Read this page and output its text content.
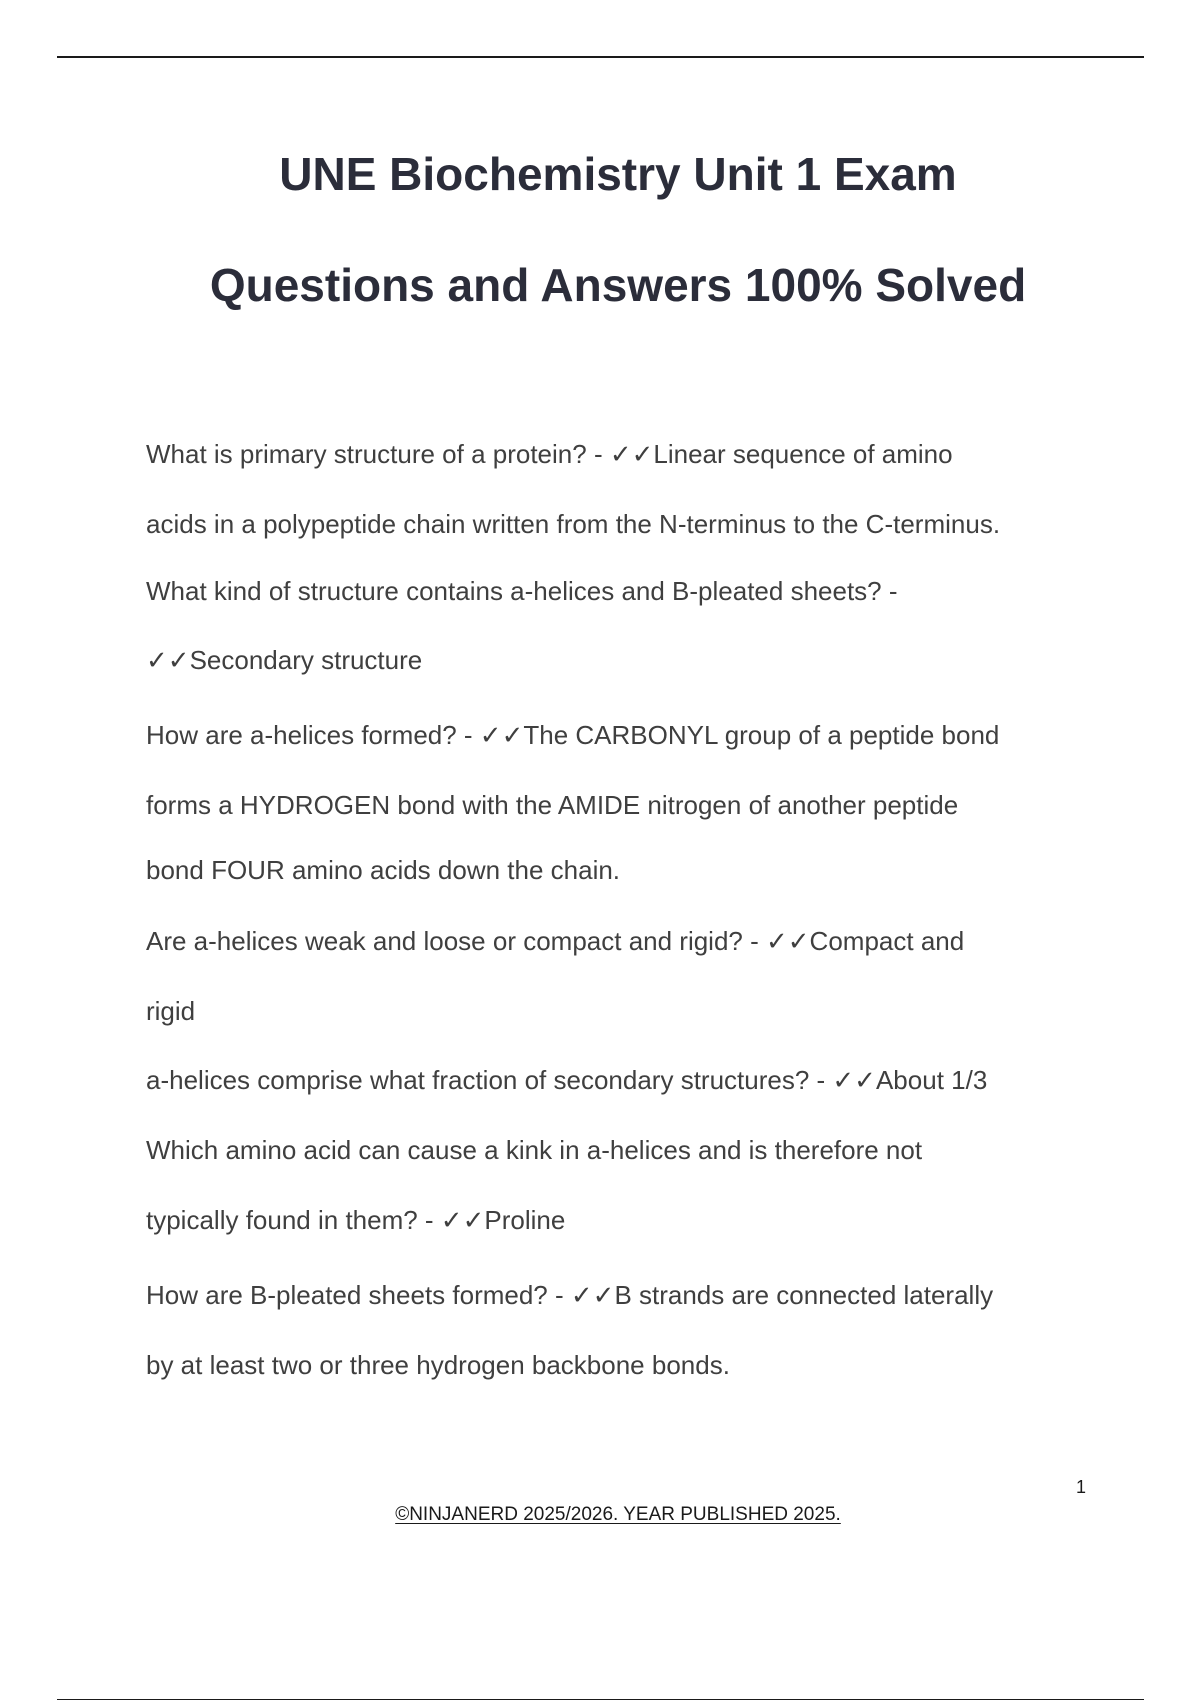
UNE Biochemistry Unit 1 Exam
Questions and Answers 100% Solved
What is primary structure of a protein? - ✓✓Linear sequence of amino
acids in a polypeptide chain written from the N-terminus to the C-terminus.
What kind of structure contains a-helices and B-pleated sheets? -
✓✓Secondary structure
How are a-helices formed? - ✓✓The CARBONYL group of a peptide bond
forms a HYDROGEN bond with the AMIDE nitrogen of another peptide
bond FOUR amino acids down the chain.
Are a-helices weak and loose or compact and rigid? - ✓✓Compact and
rigid
a-helices comprise what fraction of secondary structures? - ✓✓About 1/3
Which amino acid can cause a kink in a-helices and is therefore not
typically found in them? - ✓✓Proline
How are B-pleated sheets formed? - ✓✓B strands are connected laterally
by at least two or three hydrogen backbone bonds.
1
©NINJANERD 2025/2026. YEAR PUBLISHED 2025.
